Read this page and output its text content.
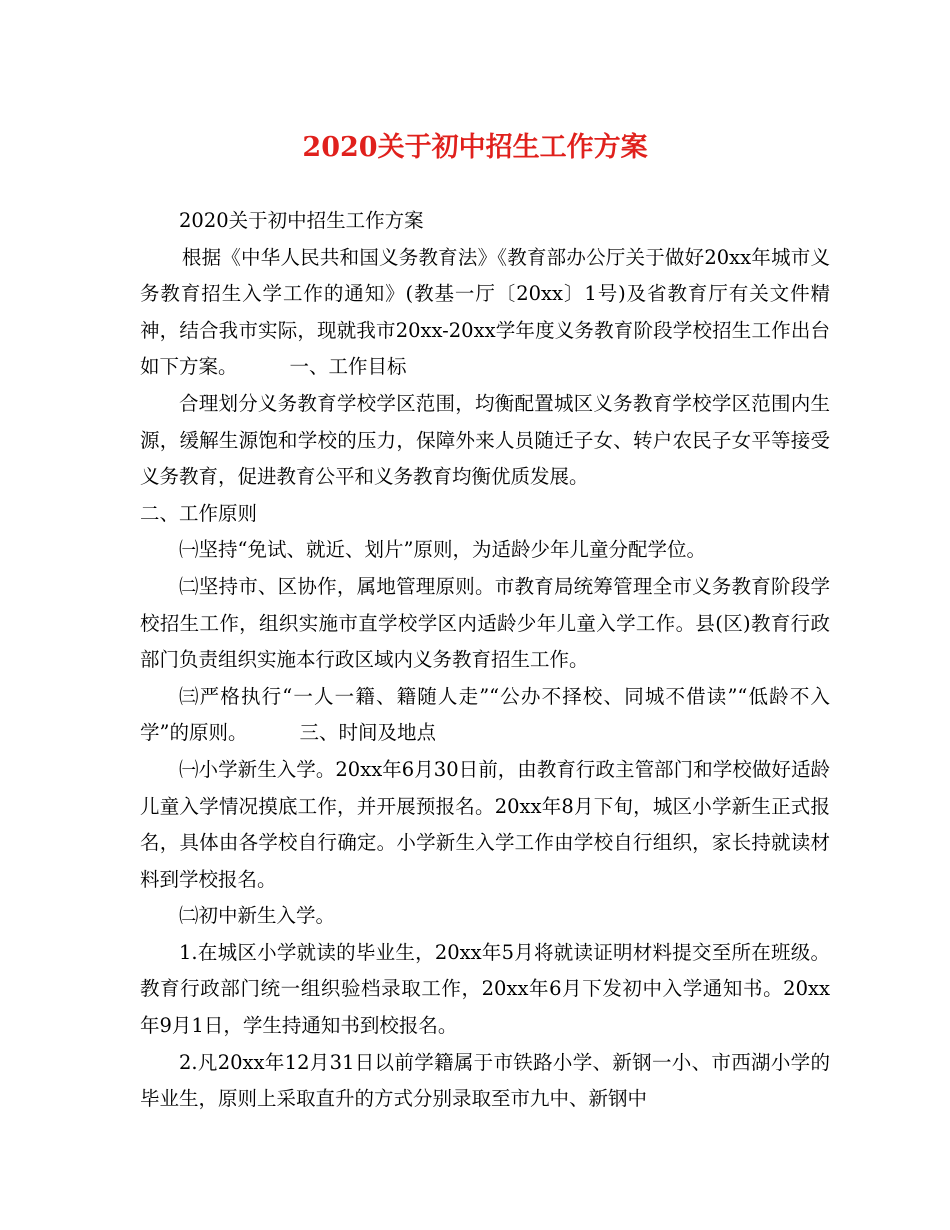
2020关于初中招生工作方案

2020关于初中招生工作方案

根据《中华人民共和国义务教育法》《教育部办公厅关于做好20xx年城市义务教育招生入学工作的通知》(教基一厅〔20xx〕1号)及省教育厅有关文件精神，结合我市实际，现就我市20xx-20xx学年度义务教育阶段学校招生工作出台如下方案。	一、工作目标

合理划分义务教育学校学区范围，均衡配置城区义务教育学校学区范围内生源，缓解生源饱和学校的压力，保障外来人员随迁子女、转户农民子女平等接受义务教育，促进教育公平和义务教育均衡优质发展。

二、工作原则

㈠坚持“免试、就近、划片”原则，为适龄少年儿童分配学位。

㈡坚持市、区协作，属地管理原则。市教育局统筹管理全市义务教育阶段学校招生工作，组织实施市直学校学区内适龄少年儿童入学工作。县(区)教育行政部门负责组织实施本行政区域内义务教育招生工作。

㈢严格执行“一人一籍、籍随人走”“公办不择校、同城不借读”“低龄不入学”的原则。	三、时间及地点

㈠小学新生入学。20xx年6月30日前，由教育行政主管部门和学校做好适龄儿童入学情况摸底工作，并开展预报名。20xx年8月下旬，城区小学新生正式报名，具体由各学校自行确定。小学新生入学工作由学校自行组织，家长持就读材料到学校报名。

㈡初中新生入学。

1.在城区小学就读的毕业生，20xx年5月将就读证明材料提交至所在班级。教育行政部门统一组织验档录取工作，20xx年6月下发初中入学通知书。20xx年9月1日，学生持通知书到校报名。

2.凡20xx年12月31日以前学籍属于市铁路小学、新钢一小、市西湖小学的毕业生，原则上采取直升的方式分别录取至市九中、新钢中
